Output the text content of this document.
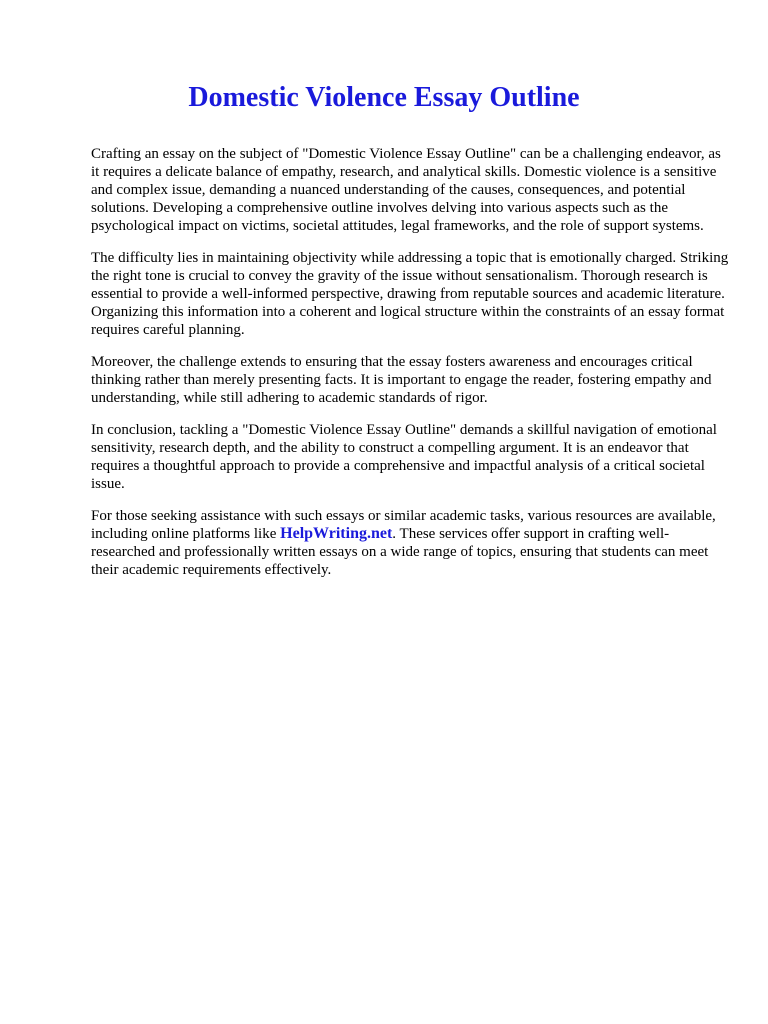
Domestic Violence Essay Outline

Crafting an essay on the subject of "Domestic Violence Essay Outline" can be a challenging endeavor, as it requires a delicate balance of empathy, research, and analytical skills. Domestic violence is a sensitive and complex issue, demanding a nuanced understanding of the causes, consequences, and potential solutions. Developing a comprehensive outline involves delving into various aspects such as the psychological impact on victims, societal attitudes, legal frameworks, and the role of support systems.

The difficulty lies in maintaining objectivity while addressing a topic that is emotionally charged. Striking the right tone is crucial to convey the gravity of the issue without sensationalism. Thorough research is essential to provide a well-informed perspective, drawing from reputable sources and academic literature. Organizing this information into a coherent and logical structure within the constraints of an essay format requires careful planning.

Moreover, the challenge extends to ensuring that the essay fosters awareness and encourages critical thinking rather than merely presenting facts. It is important to engage the reader, fostering empathy and understanding, while still adhering to academic standards of rigor.

In conclusion, tackling a "Domestic Violence Essay Outline" demands a skillful navigation of emotional sensitivity, research depth, and the ability to construct a compelling argument. It is an endeavor that requires a thoughtful approach to provide a comprehensive and impactful analysis of a critical societal issue.

For those seeking assistance with such essays or similar academic tasks, various resources are available, including online platforms like HelpWriting.net. These services offer support in crafting well-researched and professionally written essays on a wide range of topics, ensuring that students can meet their academic requirements effectively.
